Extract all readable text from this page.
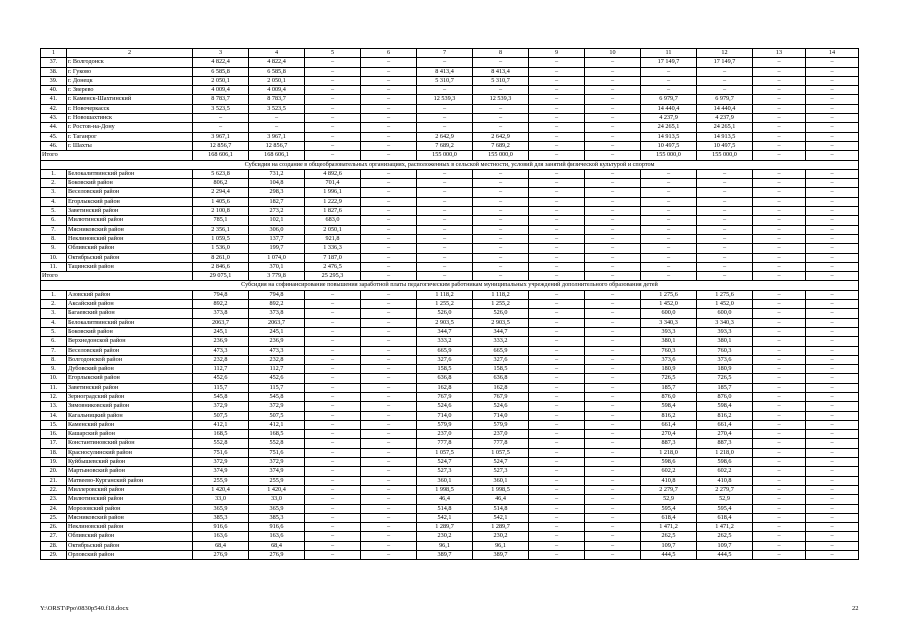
1	2	3	4	5	6	7	8	9	10	11	12	13	14
37.	г. Волгодонск	4 822,4	4 822,4	–	–	–	–	–	–	17 149,7	17 149,7	–	–
38.	г. Гуково	6 585,8	6 585,8	–	–	8 413,4	8 413,4	–	–	–	–	–	–
39.	г. Донецк	2 050,1	2 050,1	–	–	5 310,7	5 310,7	–	–	–	–	–	–
40.	г. Зверево	4 009,4	4 009,4	–	–	–	–	–	–	–	–	–	–
41.	г. Каменск-Шахтинский	8 783,7	8 783,7	–	–	12 539,3	12 539,3	–	–	6 979,7	6 979,7	–	–
42.	г. Новочеркасск	3 523,5	3 523,5	–	–	–	–	–	–	14 440,4	14 440,4	–	–
43.	г. Новошахтинск	–	–	–	–	–	–	–	–	4 237,9	4 237,9	–	–
44.	г. Ростов-на-Дону	–	–	–	–	–	–	–	–	24 265,1	24 265,1	–	–
45.	г. Таганрог	3 967,1	3 967,1	–	–	2 642,9	2 642,9	–	–	14 913,5	14 913,5	–	–
46.	г. Шахты	12 856,7	12 856,7	–	–	7 689,2	7 689,2	–	–	10 497,5	10 497,5	–	–
Итого		168 606,1	168 606,1	–	–	155 000,0	155 000,0	–	–	155 000,0	155 000,0	–	–
Субсидия на создание в общеобразовательных организациях, расположенных в сельской местности, условий для занятий физической культурой и спортом													
1.	Белокалитвинский район	5 623,8	731,2	4 892,6	–	–	–	–	–	–	–	–	–
2.	Боковский район	806,2	104,8	701,4	–	–	–	–	–	–	–	–	–
3.	Веселовский район	2 294,4	298,3	1 996,1	–	–	–	–	–	–	–	–	–
4.	Егорлыкский район	1 405,6	182,7	1 222,9	–	–	–	–	–	–	–	–	–
5.	Заветинский район	2 100,8	273,2	1 827,6	–	–	–	–	–	–	–	–	–
6.	Милютинский район	785,1	102,1	683,0	–	–	–	–	–	–	–	–	–
7.	Мясниковский район	2 356,1	306,0	2 050,1	–	–	–	–	–	–	–	–	–
8.	Неклиновский район	1 059,5	137,7	921,8	–	–	–	–	–	–	–	–	–
9.	Обливский район	1 536,0	199,7	1 336,3	–	–	–	–	–	–	–	–	–
10.	Октябрьский район	8 261,0	1 074,0	7 187,0	–	–	–	–	–	–	–	–	–
11.	Тацинский район	2 846,6	370,1	2 476,5	–	–	–	–	–	–	–	–	–
Итого		29 075,1	3 779,8	25 295,3	–	–	–	–	–	–	–	–	–
Субсидия на софинансирование повышения заработной платы педагогическим работникам муниципальных учреждений дополнительного образования детей													
1.	Азовский район	794,8	794,8	–	–	1 118,2	1 118,2	–	–	1 275,6	1 275,6	–	–
2.	Аксайский район	892,2	892,2	–	–	1 255,2	1 255,2	–	–	1 452,0	1 452,0	–	–
3.	Багаевский район	373,8	373,8	–	–	526,0	526,0	–	–	600,0	600,0	–	–
4.	Белокалитвинский район	2063,7	2063,7	–	–	2 903,5	2 903,5	–	–	3 340,3	3 340,3	–	–
5.	Боковский район	245,1	245,1	–	–	344,7	344,7	–	–	393,3	393,3	–	–
6.	Верхнедонской район	236,9	236,9	–	–	333,2	333,2	–	–	380,1	380,1	–	–
7.	Веселовский район	473,3	473,3	–	–	665,9	665,9	–	–	760,3	760,3	–	–
8.	Волгодонской район	232,8	232,8	–	–	327,6	327,6	–	–	373,6	373,6	–	–
9.	Дубовский район	112,7	112,7	–	–	158,5	158,5	–	–	180,9	180,9	–	–
10.	Егорлыкский район	452,6	452,6	–	–	636,8	636,8	–	–	726,5	726,5	–	–
11.	Заветинский район	115,7	115,7	–	–	162,8	162,8	–	–	185,7	185,7	–	–
12.	Зерноградский район	545,8	545,8	–	–	767,9	767,9	–	–	876,0	876,0	–	–
13.	Зимовниковский район	372,9	372,9	–	–	524,6	524,6	–	–	598,4	598,4	–	–
14.	Кагальницкий район	507,5	507,5	–	–	714,0	714,0	–	–	816,2	816,2	–	–
15.	Каменский район	412,1	412,1	–	–	579,9	579,9	–	–	661,4	661,4	–	–
16.	Кашарский район	168,5	168,5	–	–	237,0	237,0	–	–	270,4	270,4	–	–
17.	Константиновский район	552,8	552,8	–	–	777,8	777,8	–	–	887,3	887,3	–	–
18.	Красносулинский район	751,6	751,6	–	–	1 057,5	1 057,5	–	–	1 218,0	1 218,0	–	–
19.	Куйбышевский район	372,9	372,9	–	–	524,7	524,7	–	–	598,6	598,6	–	–
20.	Мартыновский район	374,9	374,9	–	–	527,3	527,3	–	–	602,2	602,2	–	–
21.	Матвеево-Курганский район	255,9	255,9	–	–	360,1	360,1	–	–	410,8	410,8	–	–
22.	Миллеровский район	1 420,4	1 420,4	–	–	1 998,5	1 998,5	–	–	2 279,7	2 279,7	–	–
23.	Милютинский район	33,0	33,0	–	–	46,4	46,4	–	–	52,9	52,9	–	–
24.	Морозовский район	365,9	365,9	–	–	514,8	514,8	–	–	595,4	595,4	–	–
25.	Мясниковский район	385,3	385,3	–	–	542,1	542,1	–	–	618,4	618,4	–	–
26.	Неклиновский район	916,6	916,6	–	–	1 289,7	1 289,7	–	–	1 471,2	1 471,2	–	–
27.	Обливский район	163,6	163,6	–	–	230,2	230,2	–	–	262,5	262,5	–	–
28.	Октябрьский район	68,4	68,4	–	–	96,1	96,1	–	–	109,7	109,7	–	–
29.	Орловский район	276,9	276,9	–	–	389,7	389,7	–	–	444,5	444,5	–	–
Y:\ORST\Ppo\0830p540.f18.docx	22
